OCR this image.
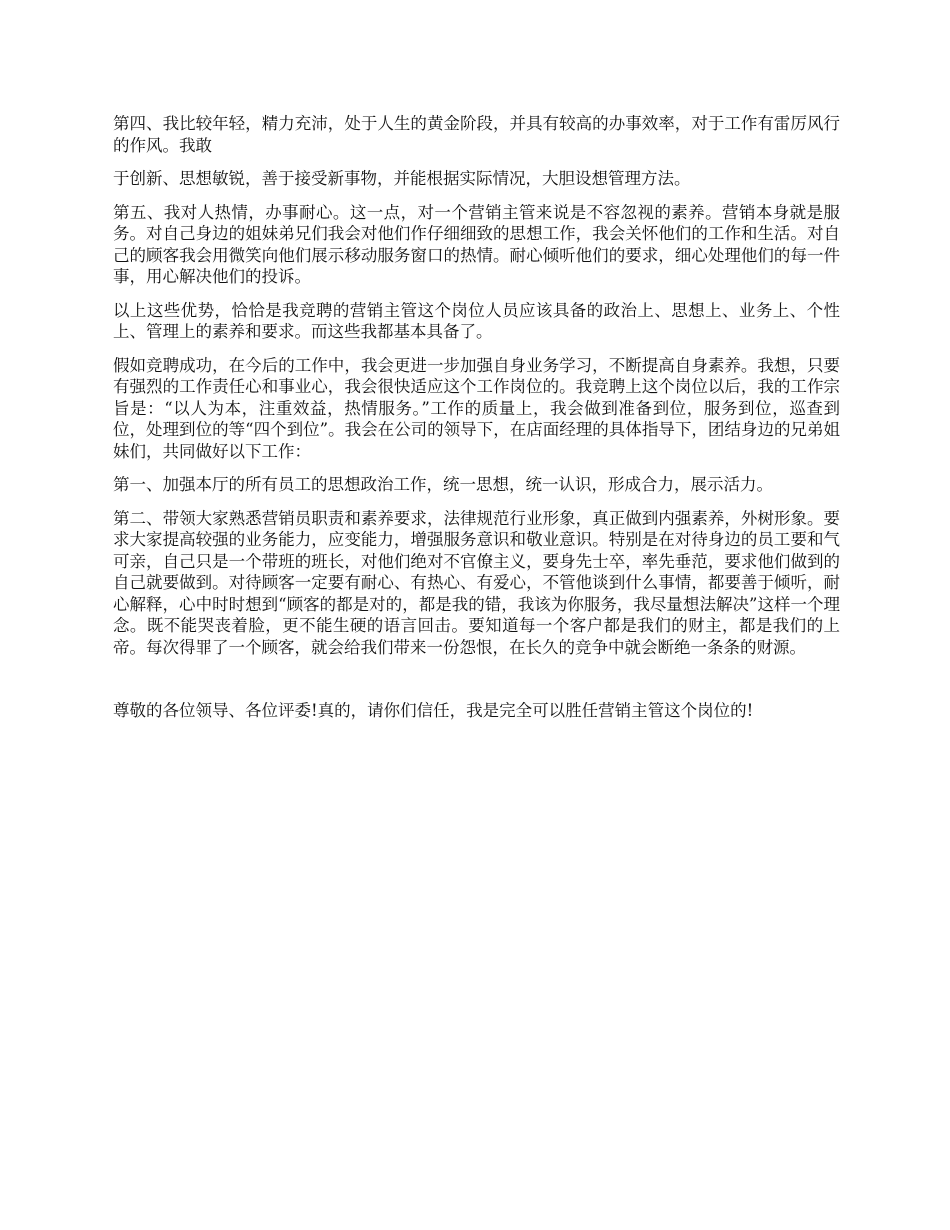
第四、我比较年轻，精力充沛，处于人生的黄金阶段，并具有较高的办事效率，对于工作有雷厉风行的作风。我敢

于创新、思想敏锐，善于接受新事物，并能根据实际情况，大胆设想管理方法。

第五、我对人热情，办事耐心。这一点，对一个营销主管来说是不容忽视的素养。营销本身就是服务。对自己身边的姐妹弟兄们我会对他们作仔细细致的思想工作，我会关怀他们的工作和生活。对自己的顾客我会用微笑向他们展示移动服务窗口的热情。耐心倾听他们的要求，细心处理他们的每一件事，用心解决他们的投诉。

以上这些优势，恰恰是我竞聘的营销主管这个岗位人员应该具备的政治上、思想上、业务上、个性上、管理上的素养和要求。而这些我都基本具备了。

假如竞聘成功，在今后的工作中，我会更进一步加强自身业务学习，不断提高自身素养。我想，只要有强烈的工作责任心和事业心，我会很快适应这个工作岗位的。我竞聘上这个岗位以后，我的工作宗旨是：“以人为本，注重效益，热情服务。”工作的质量上，我会做到准备到位，服务到位，巡查到位，处理到位的等“四个到位”。我会在公司的领导下，在店面经理的具体指导下，团结身边的兄弟姐妹们，共同做好以下工作：

第一、加强本厅的所有员工的思想政治工作，统一思想，统一认识，形成合力，展示活力。

第二、带领大家熟悉营销员职责和素养要求，法律规范行业形象，真正做到内强素养，外树形象。要求大家提高较强的业务能力，应变能力，增强服务意识和敬业意识。特别是在对待身边的员工要和气可亲，自己只是一个带班的班长，对他们绝对不官僚主义，要身先士卒，率先垂范，要求他们做到的自己就要做到。对待顾客一定要有耐心、有热心、有爱心，不管他谈到什么事情，都要善于倾听，耐心解释，心中时时想到“顾客的都是对的，都是我的错，我该为你服务，我尽量想法解决”这样一个理念。既不能哭丧着脸，更不能生硬的语言回击。要知道每一个客户都是我们的财主，都是我们的上帝。每次得罪了一个顾客，就会给我们带来一份怨恨，在长久的竞争中就会断绝一条条的财源。

尊敬的各位领导、各位评委!真的，请你们信任，我是完全可以胜任营销主管这个岗位的!
